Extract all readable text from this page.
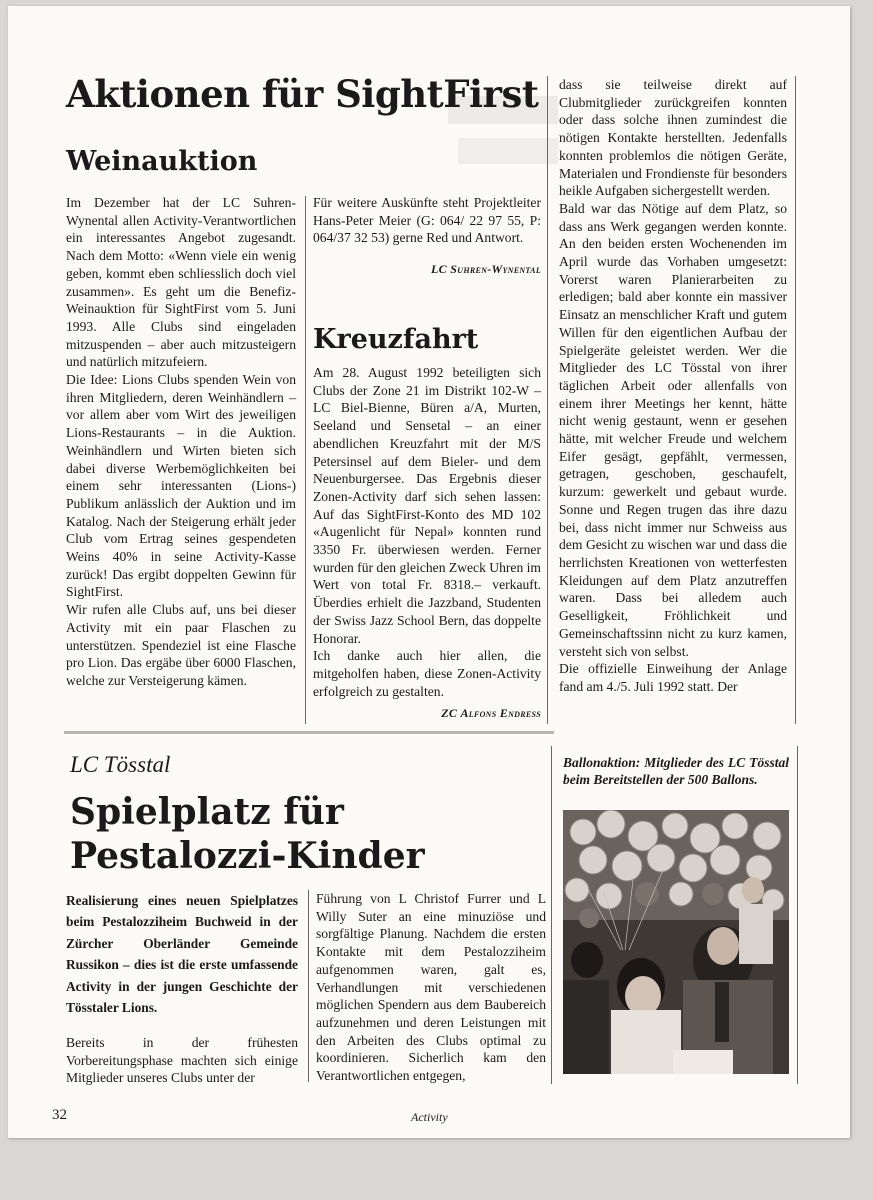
Aktionen für SightFirst
Weinauktion

Im Dezember hat der LC Suhren-Wynental allen Activity-Verantwortlichen ein interessantes Angebot zugesandt. Nach dem Motto: «Wenn viele ein wenig geben, kommt eben schliesslich doch viel zusammen». Es geht um die Benefiz-Weinauktion für SightFirst vom 5. Juni 1993. Alle Clubs sind eingeladen mitzuspenden – aber auch mitzusteigern und natürlich mitzufeiern.

Die Idee: Lions Clubs spenden Wein von ihren Mitgliedern, deren Weinhändlern – vor allem aber vom Wirt des jeweiligen Lions-Restaurants – in die Auktion. Weinhändlern und Wirten bieten sich dabei diverse Werbemöglichkeiten bei einem sehr interessanten (Lions-) Publikum anlässlich der Auktion und im Katalog. Nach der Steigerung erhält jeder Club vom Ertrag seines gespendeten Weins 40% in seine Activity-Kasse zurück! Das ergibt doppelten Gewinn für SightFirst.

Wir rufen alle Clubs auf, uns bei dieser Activity mit ein paar Flaschen zu unterstützen. Spendeziel ist eine Flasche pro Lion. Das ergäbe über 6000 Flaschen, welche zur Versteigerung kämen.

Für weitere Auskünfte steht Projektleiter Hans-Peter Meier (G: 064/ 22 97 55, P: 064/37 32 53) gerne Red und Antwort.
LC Suhren-Wynental
Kreuzfahrt

Am 28. August 1992 beteiligten sich Clubs der Zone 21 im Distrikt 102-W – LC Biel-Bienne, Büren a/A, Murten, Seeland und Sensetal – an einer abendlichen Kreuzfahrt mit der M/S Petersinsel auf dem Bieler- und dem Neuenburgersee. Das Ergebnis dieser Zonen-Activity darf sich sehen lassen: Auf das SightFirst-Konto des MD 102 «Augenlicht für Nepal» konnten rund 3350 Fr. überwiesen werden. Ferner wurden für den gleichen Zweck Uhren im Wert von total Fr. 8318.– verkauft. Überdies erhielt die Jazzband, Studenten der Swiss Jazz School Bern, das doppelte Honorar.

Ich danke auch hier allen, die mitgeholfen haben, diese Zonen-Activity erfolgreich zu gestalten.

ZC Alfons Endress

dass sie teilweise direkt auf Clubmitglieder zurückgreifen konnten oder dass solche ihnen zumindest die nötigen Kontakte herstellten. Jedenfalls konnten problemlos die nötigen Geräte, Materialen und Frondienste für besonders heikle Aufgaben sichergestellt werden.

Bald war das Nötige auf dem Platz, so dass ans Werk gegangen werden konnte. An den beiden ersten Wochenenden im April wurde das Vorhaben umgesetzt: Vorerst waren Planierarbeiten zu erledigen; bald aber konnte ein massiver Einsatz an menschlicher Kraft und gutem Willen für den eigentlichen Aufbau der Spielgeräte geleistet werden. Wer die Mitglieder des LC Tösstal von ihrer täglichen Arbeit oder allenfalls von einem ihrer Meetings her kennt, hätte nicht wenig gestaunt, wenn er gesehen hätte, mit welcher Freude und welchem Eifer gesägt, gepfählt, vermessen, getragen, geschoben, geschaufelt, kurzum: gewerkelt und gebaut wurde. Sonne und Regen trugen das ihre dazu bei, dass nicht immer nur Schweiss aus dem Gesicht zu wischen war und dass die herrlichsten Kreationen von wetterfesten Kleidungen auf dem Platz anzutreffen waren. Dass bei alledem auch Geselligkeit, Fröhlichkeit und Gemeinschaftssinn nicht zu kurz kamen, versteht sich von selbst.

Die offizielle Einweihung der Anlage fand am 4./5. Juli 1992 statt. Der

LC Tösstal
Spielplatz für
Pestalozzi-Kinder
Realisierung eines neuen Spielplatzes beim Pestalozziheim Buchweid in der Zürcher Oberländer Gemeinde Russikon – dies ist die erste umfassende Activity in der jungen Geschichte der Tösstaler Lions.
Bereits in der frühesten Vorbereitungsphase machten sich einige Mitglieder unseres Clubs unter der
Führung von L Christof Furrer und L Willy Suter an eine minuziöse und sorgfältige Planung. Nachdem die ersten Kontakte mit dem Pestalozziheim aufgenommen waren, galt es, Verhandlungen mit verschiedenen möglichen Spendern aus dem Baubereich aufzunehmen und deren Leistungen mit den Arbeiten des Clubs optimal zu koordinieren. Sicherlich kam den Verantwortlichen entgegen,
Ballonaktion: Mitglieder des LC Tösstal beim Bereitstellen der 500 Ballons.
32	Activity
